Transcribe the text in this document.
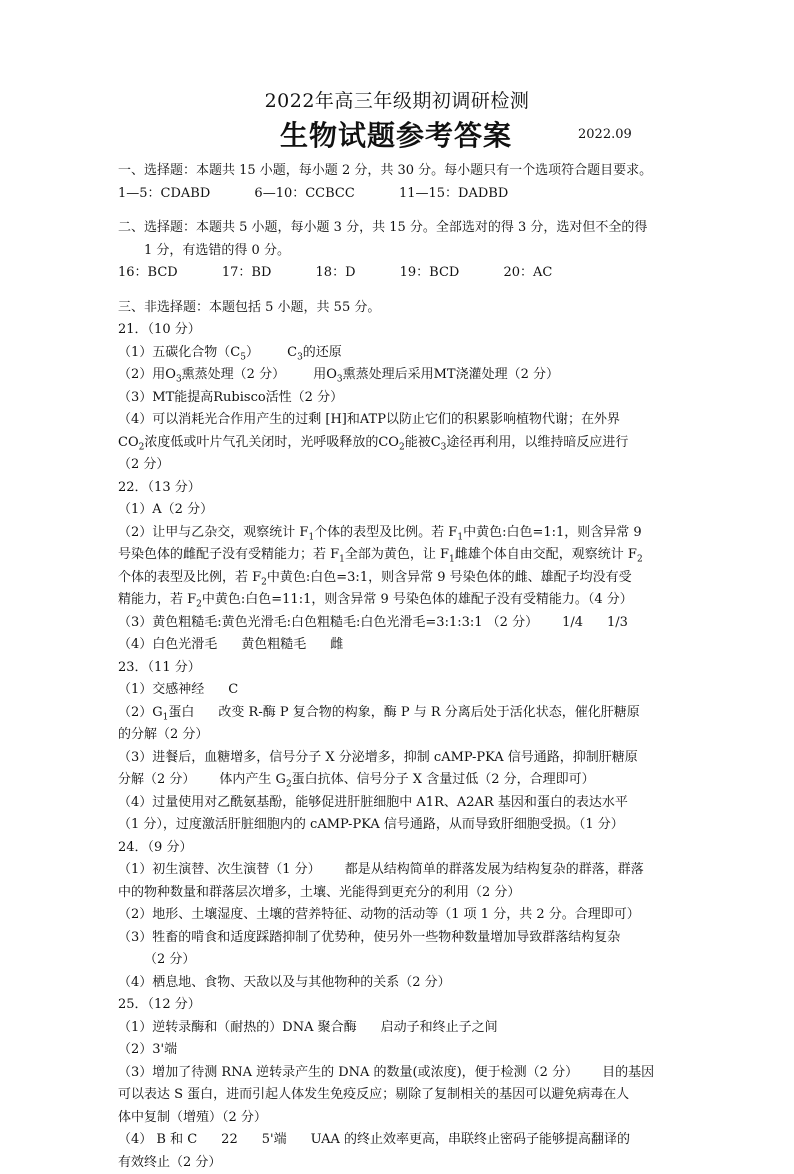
2022年高三年级期初调研检测
生物试题参考答案	2022.09
一、选择题：本题共 15 小题，每小题 2 分，共 30 分。每小题只有一个选项符合题目要求。
1—5：CDABD	6—10：CCBCC	11—15：DADBD
二、选择题：本题共 5 小题，每小题 3 分，共 15 分。全部选对的得 3 分，选对但不全的得
1 分，有选错的得 0 分。
16：BCD	17：BD	18：D	19：BCD	20：AC
三、非选择题：本题包括 5 小题，共 55 分。
21．（10 分）
（1）五碳化合物$(C_5)$ $C_3$的还原
（2）用$O_3$熏蒸处理（2 分） 用$O_3$熏蒸处理后采用MT浇灌处理（2 分）
（3）MT能提高Rubisco活性（2 分）
（4）可以消耗光合作用产生的过剩 [H]和ATP以防止它们的积累影响植物代谢；在外界
$CO_2$浓度低或叶片气孔关闭时，光呼吸释放的$CO_2$能被$C_3$途径再利用，以维持暗反应进行
（2 分）
22．（13 分）
（1）A（2 分）
（2）让甲与乙杂交，观察统计 $F_1$个体的表型及比例。若 $F_1$中黄色:白色=1:1，则含异常 9
号染色体的雌配子没有受精能力；若 $F_1$全部为黄色，让 $F_1$雌雄个体自由交配，观察统计 $F_2$
个体的表型及比例，若 $F_2$中黄色:白色=3:1，则含异常 9 号染色体的雌、雄配子均没有受
精能力，若 $F_2$中黄色:白色=11:1，则含异常 9 号染色体的雄配子没有受精能力。（4 分）
（3）黄色粗糙毛:黄色光滑毛:白色粗糙毛:白色光滑毛=3:1:3:1 （2 分） 1/4 1/3
（4）白色光滑毛 黄色粗糙毛 雌
23．（11 分）
（1）交感神经 C
$(2)G_1$蛋白 改变 R-酶 P 复合物的构象，酶 P 与 R 分离后处于活化状态，催化肝糖原
的分解（2 分）
（3）进餐后，血糖增多，信号分子 X 分泌增多，抑制 cAMP-PKA 信号通路，抑制肝糖原
分解（2 分） 体内产生 $G_2$蛋白抗体、信号分子 X 含量过低（2 分，合理即可）
（4）过量使用对乙酰氨基酚，能够促进肝脏细胞中 A1R、A2AR 基因和蛋白的表达水平
（1 分），过度激活肝脏细胞内的 cAMP-PKA 信号通路，从而导致肝细胞受损。（1 分）
24．（9 分）
（1）初生演替、次生演替（1 分） 都是从结构简单的群落发展为结构复杂的群落，群落
中的物种数量和群落层次增多，土壤、光能得到更充分的利用（2 分）
（2）地形、土壤湿度、土壤的营养特征、动物的活动等（1 项 1 分，共 2 分。合理即可）
（3）牲畜的啃食和适度踩踏抑制了优势种，使另外一些物种数量增加导致群落结构复杂
（2 分）
（4）栖息地、食物、天敌以及与其他物种的关系（2 分）
25．（12 分）
（1）逆转录酶和（耐热的）DNA 聚合酶 启动子和终止子之间
（2）3'端
（3）增加了待测 RNA 逆转录产生的 DNA 的数量(或浓度)，便于检测（2 分） 目的基因
可以表达 S 蛋白，进而引起人体发生免疫反应；剔除了复制相关的基因可以避免病毒在人
体中复制（增殖）（2 分）
（4） B 和 C 22 5'端 UAA 的终止效率更高，串联终止密码子能够提高翻译的
有效终止（2 分）
